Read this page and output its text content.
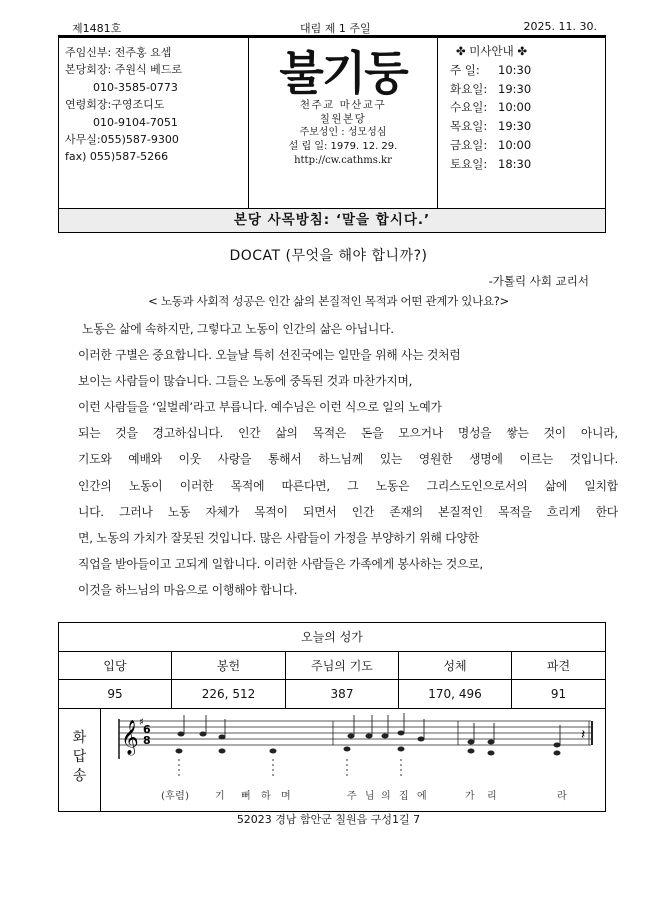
제1481호	대림 제 1 주일	2025. 11. 30.
주임신부: 전주홍 요셉
본당회장: 주원식 베드로
010-3585-0773
연령회장:구영조디도
010-9104-7051
사무실:055)587-9300
fax) 055)587-5266
불기둥
천주교 마산교구
칠원본당
주보성인 : 성모성심
설 립 일: 1979. 12. 29.
http://cw.cathms.kr
✤ 미사안내 ✤
주 일:	10:30
화요일: 19:30
수요일: 10:00
목요일: 19:30
금요일: 10:00
토요일: 18:30
본당 사목방침: ‘말을 합시다.’
DOCAT (무엇을 해야 합니까?)
-가톨릭 사회 교리서
< 노동과 사회적 성공은 인간 삶의 본질적인 목적과 어떤 관계가 있나요?>
노동은 삶에 속하지만, 그렇다고 노동이 인간의 삶은 아닙니다.
이러한 구별은 중요합니다. 오늘날 특히 선진국에는 일만을 위해 사는 것처럼
보이는 사람들이 많습니다. 그들은 노동에 중독된 것과 마찬가지며,
이런 사람들을 ‘일벌레’라고 부릅니다. 예수님은 이런 식으로 일의 노예가
되는 것을 경고하십니다. 인간 삶의 목적은 돈을 모으거나 명성을 쌓는 것이 아니라,
기도와 예배와 이웃 사랑을 통해서 하느님께 있는 영원한 생명에 이르는 것입니다.
인간의 노동이 이러한 목적에 따른다면, 그 노동은 그리스도인으로서의 삶에 일치합
니다. 그러나 노동 자체가 목적이 되면서 인간 존재의 본질적인 목적을 흐리게 한다
면, 노동의 가치가 잘못된 것입니다. 많은 사람들이 가정을 부양하기 위해 다양한
직업을 받아들이고 고되게 일합니다. 이러한 사람들은 가족에게 봉사하는 것으로,
이것을 하느님의 마음으로 이행해야 합니다.
오늘의 성가
입당	봉헌	주님의 기도	성체	파견
95	226, 512	387	170, 496	91
화
답
송
𝄞 6
8
♯
𝄽
(후렴)	기 뻐 하 며	주 님 의 집 에	가 리	라
52023 경남 함안군 칠원읍 구성1길 7
